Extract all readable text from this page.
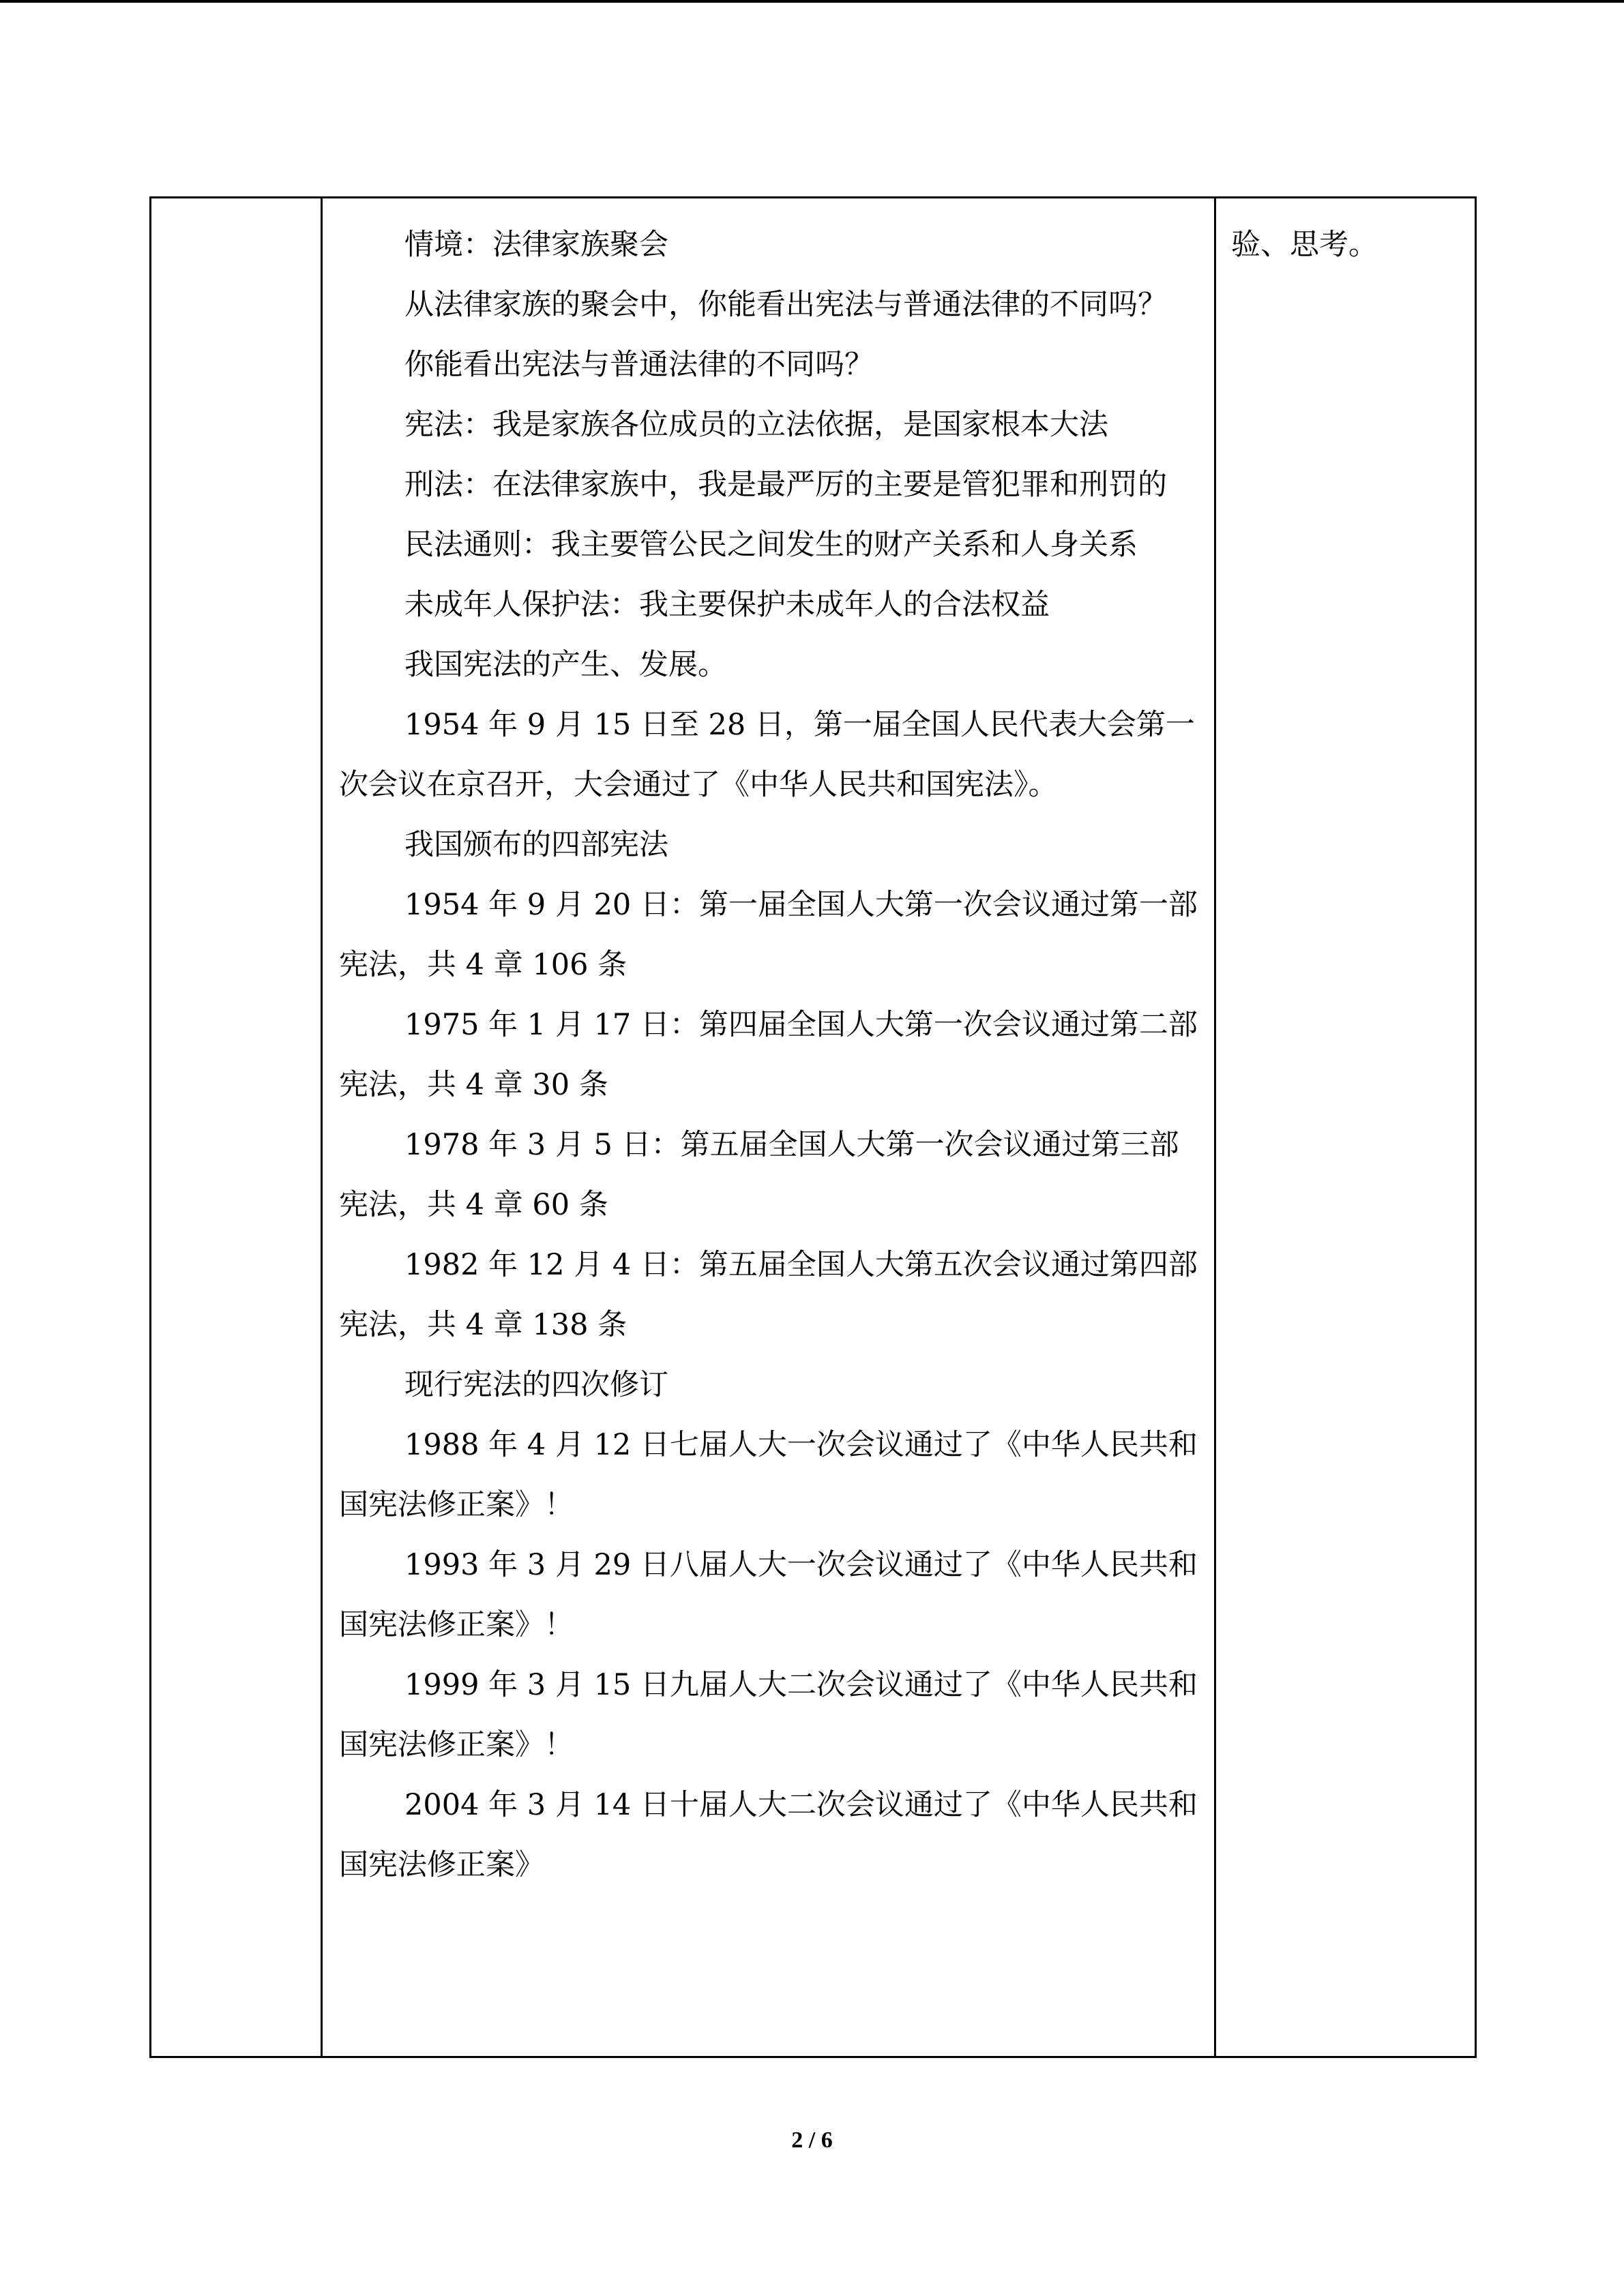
情境：法律家族聚会

从法律家族的聚会中，你能看出宪法与普通法律的不同吗？

你能看出宪法与普通法律的不同吗？

宪法：我是家族各位成员的立法依据，是国家根本大法

刑法：在法律家族中，我是最严厉的主要是管犯罪和刑罚的

民法通则：我主要管公民之间发生的财产关系和人身关系

未成年人保护法：我主要保护未成年人的合法权益

我国宪法的产生、发展。

1954 年 9 月 15 日至 28 日，第一届全国人民代表大会第一次会议在京召开，大会通过了《中华人民共和国宪法》。

我国颁布的四部宪法

1954 年 9 月 20 日：第一届全国人大第一次会议通过第一部宪法，共 4 章 106 条

1975 年 1 月 17 日：第四届全国人大第一次会议通过第二部宪法，共 4 章 30 条

1978 年 3 月 5 日：第五届全国人大第一次会议通过第三部宪法，共 4 章 60 条

1982 年 12 月 4 日：第五届全国人大第五次会议通过第四部宪法，共 4 章 138 条

现行宪法的四次修订

1988 年 4 月 12 日七届人大一次会议通过了《中华人民共和国宪法修正案》！

1993 年 3 月 29 日八届人大一次会议通过了《中华人民共和国宪法修正案》！

1999 年 3 月 15 日九届人大二次会议通过了《中华人民共和国宪法修正案》！

2004 年 3 月 14 日十届人大二次会议通过了《中华人民共和国宪法修正案》

验、思考。

2 / 6
